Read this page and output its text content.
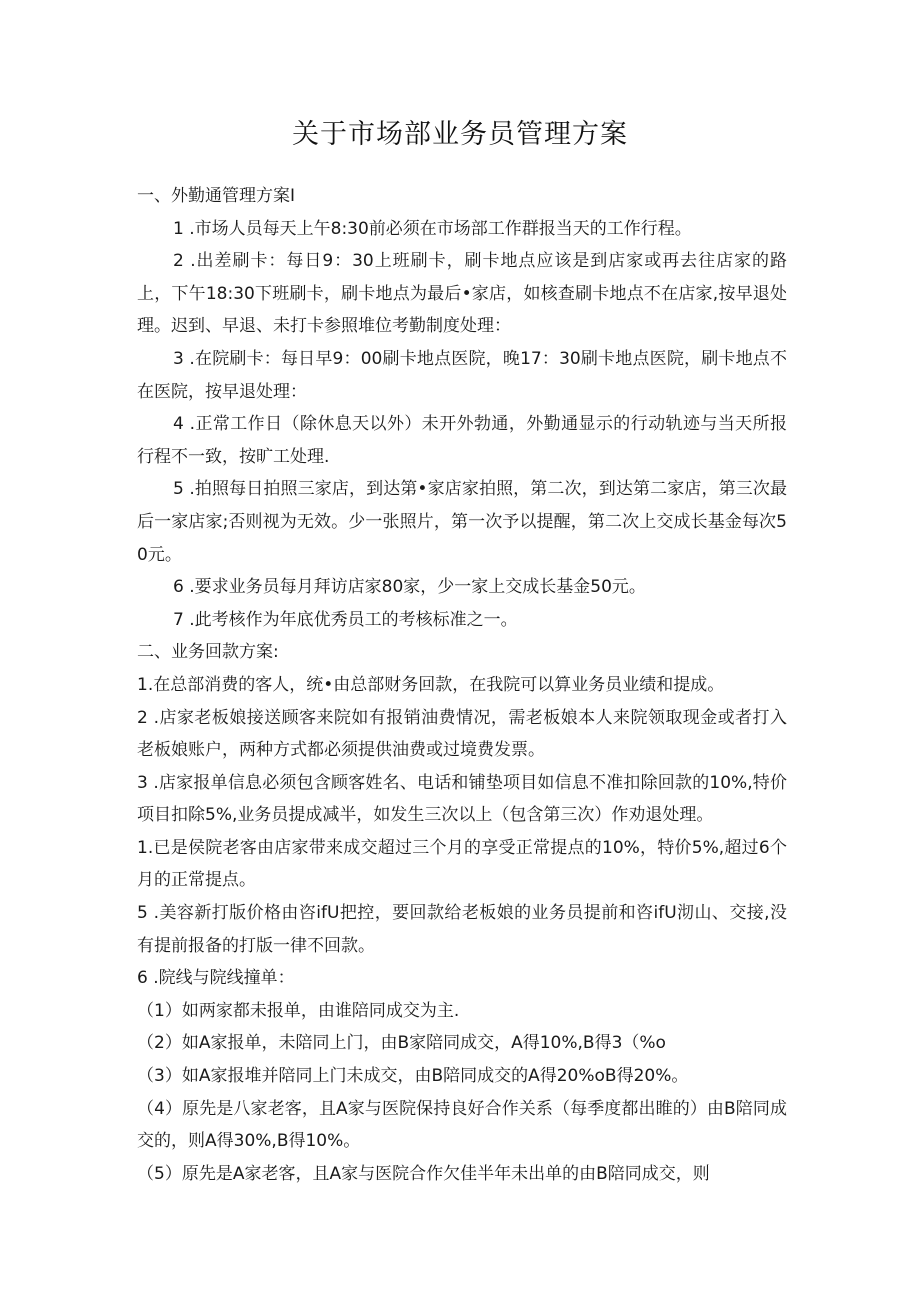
关于市场部业务员管理方案

一、外勤通管理方案I

1 .市场人员每天上午8:30前必须在市场部工作群报当天的工作行程。

2 .出差刷卡：每日9：30上班刷卡，刷卡地点应该是到店家或再去往店家的路上，下午18:30下班刷卡，刷卡地点为最后•家店，如核查刷卡地点不在店家,按早退处理。迟到、早退、未打卡参照堆位考勤制度处理：

3 .在院刷卡：每日早9：00刷卡地点医院，晚17：30刷卡地点医院，刷卡地点不在医院，按早退处理：

4 .正常工作日（除休息天以外）未开外勃通，外勤通显示的行动轨迹与当天所报行程不一致，按旷工处理.

5 .拍照每日拍照三家店，到达第•家店家拍照，第二次，到达第二家店，第三次最后一家店家;否则视为无效。少一张照片，第一次予以提醒，第二次上交成长基金每次50元。

6 .要求业务员每月拜访店家80家，少一家上交成长基金50元。

7 .此考核作为年底优秀员工的考核标准之一。

二、业务回款方案:

1.在总部消费的客人，统•由总部财务回款，在我院可以算业务员业绩和提成。

2 .店家老板娘接送顾客来院如有报销油费情况，需老板娘本人来院领取现金或者打入老板娘账户，两种方式都必须提供油费或过境费发票。

3 .店家报单信息必须包含顾客姓名、电话和铺垫项目如信息不准扣除回款的10%,特价项目扣除5%,业务员提成减半，如发生三次以上（包含第三次）作劝退处理。

1.已是侯院老客由店家带来成交超过三个月的享受正常提点的10%，特价5%,超过6个月的正常提点。

5 .美容新打版价格由咨ifU把控，要回款给老板娘的业务员提前和咨ifU沏山、交接,没有提前报备的打版一律不回款。

6 .院线与院线撞单：

（1）如两家都未报单，由谁陪同成交为主.

（2）如A家报单，未陪同上门，由B家陪同成交，A得10%,B得3（%o

（3）如A家报堆并陪同上门未成交，由B陪同成交的A得20%oB得20%。

（4）原先是八家老客，且A家与医院保持良好合作关系（每季度都出睢的）由B陪同成交的，则A得30%,B得10%。

（5）原先是A家老客，且A家与医院合作欠佳半年未出单的由B陪同成交，则
